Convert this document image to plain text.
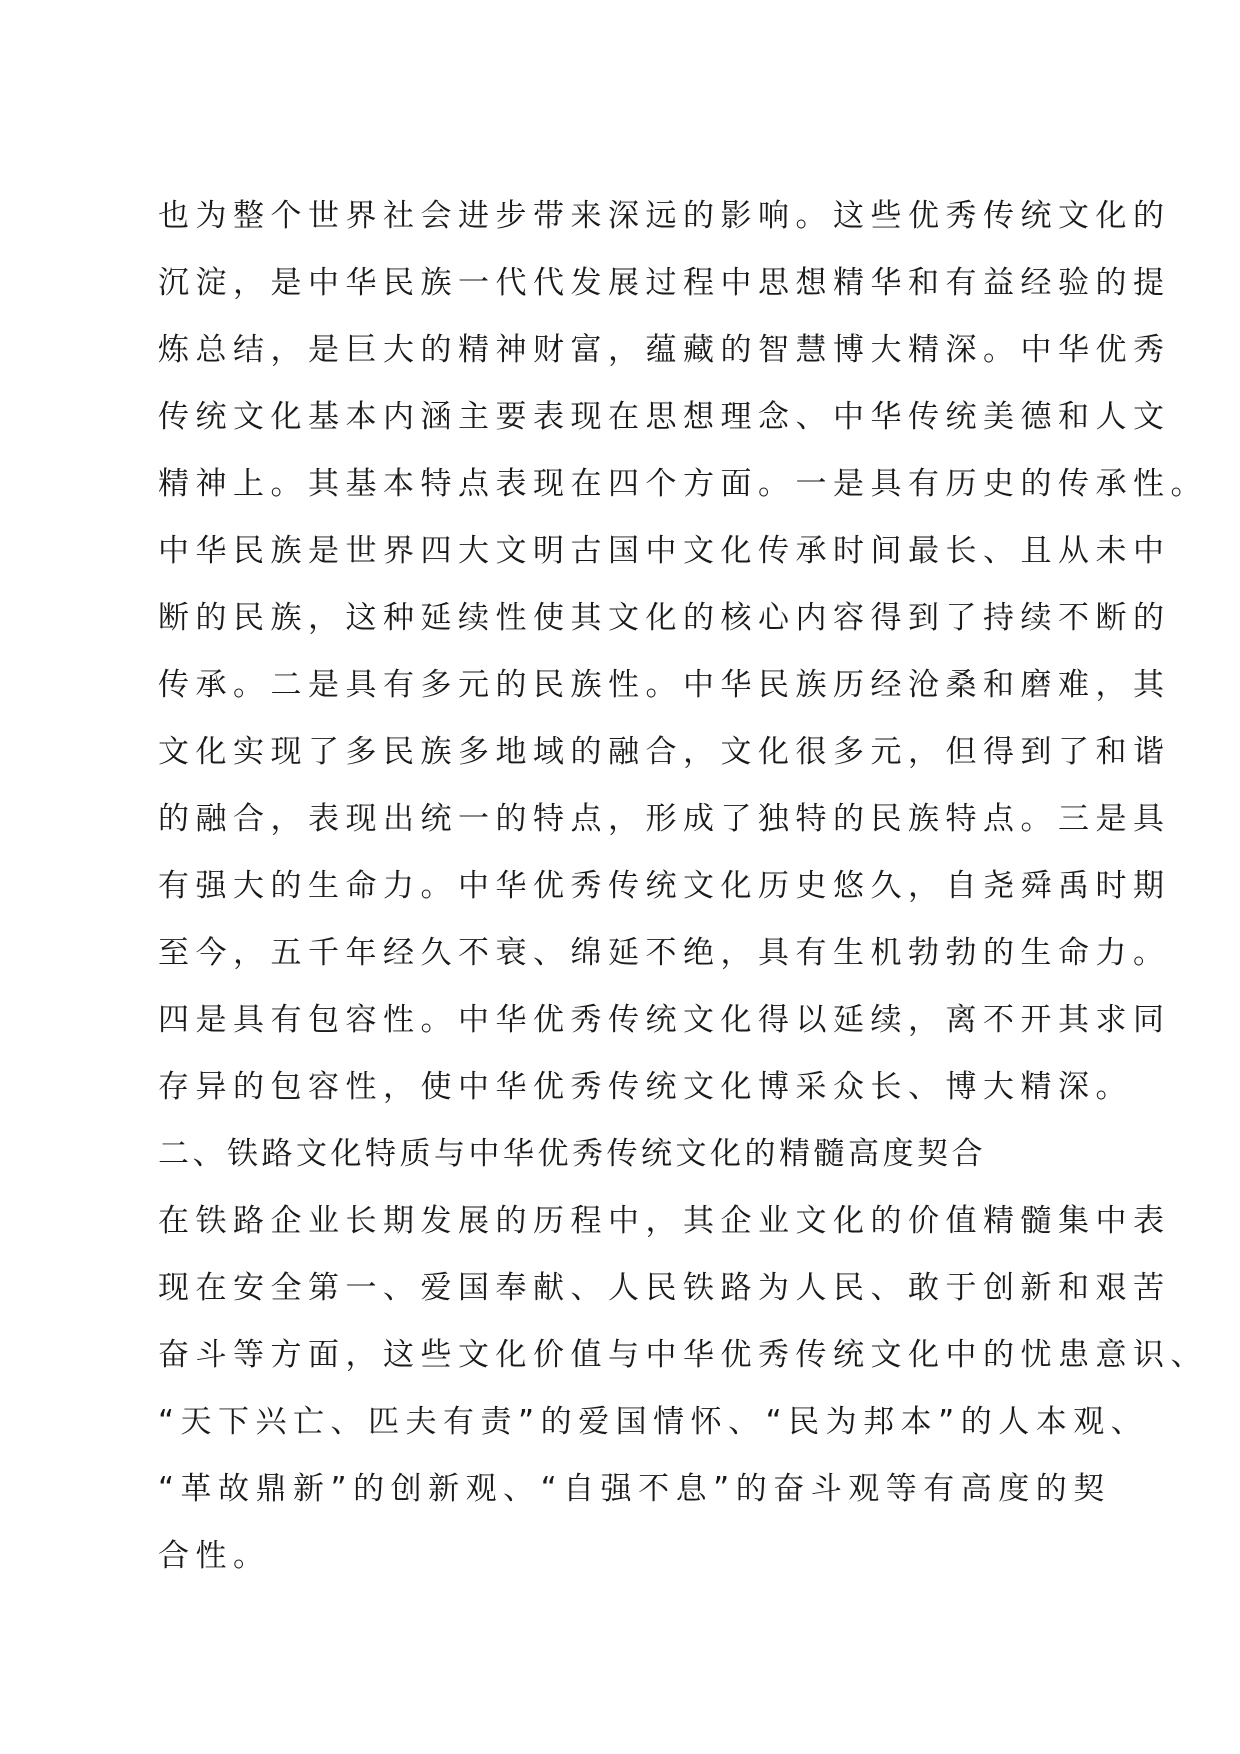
也为整个世界社会进步带来深远的影响。这些优秀传统文化的
沉淀，是中华民族一代代发展过程中思想精华和有益经验的提
炼总结，是巨大的精神财富，蕴藏的智慧博大精深。中华优秀
传统文化基本内涵主要表现在思想理念、中华传统美德和人文
精神上。其基本特点表现在四个方面。一是具有历史的传承性。
中华民族是世界四大文明古国中文化传承时间最长、且从未中
断的民族，这种延续性使其文化的核心内容得到了持续不断的
传承。二是具有多元的民族性。中华民族历经沧桑和磨难，其
文化实现了多民族多地域的融合，文化很多元，但得到了和谐
的融合，表现出统一的特点，形成了独特的民族特点。三是具
有强大的生命力。中华优秀传统文化历史悠久，自尧舜禹时期
至今，五千年经久不衰、绵延不绝，具有生机勃勃的生命力。
四是具有包容性。中华优秀传统文化得以延续，离不开其求同
存异的包容性，使中华优秀传统文化博采众长、博大精深。
二、铁路文化特质与中华优秀传统文化的精髓高度契合
在铁路企业长期发展的历程中，其企业文化的价值精髓集中表
现在安全第一、爱国奉献、人民铁路为人民、敢于创新和艰苦
奋斗等方面，这些文化价值与中华优秀传统文化中的忧患意识、
“天下兴亡、匹夫有责”的爱国情怀、“民为邦本”的人本观、
“革故鼎新”的创新观、“自强不息”的奋斗观等有高度的契
合性。
